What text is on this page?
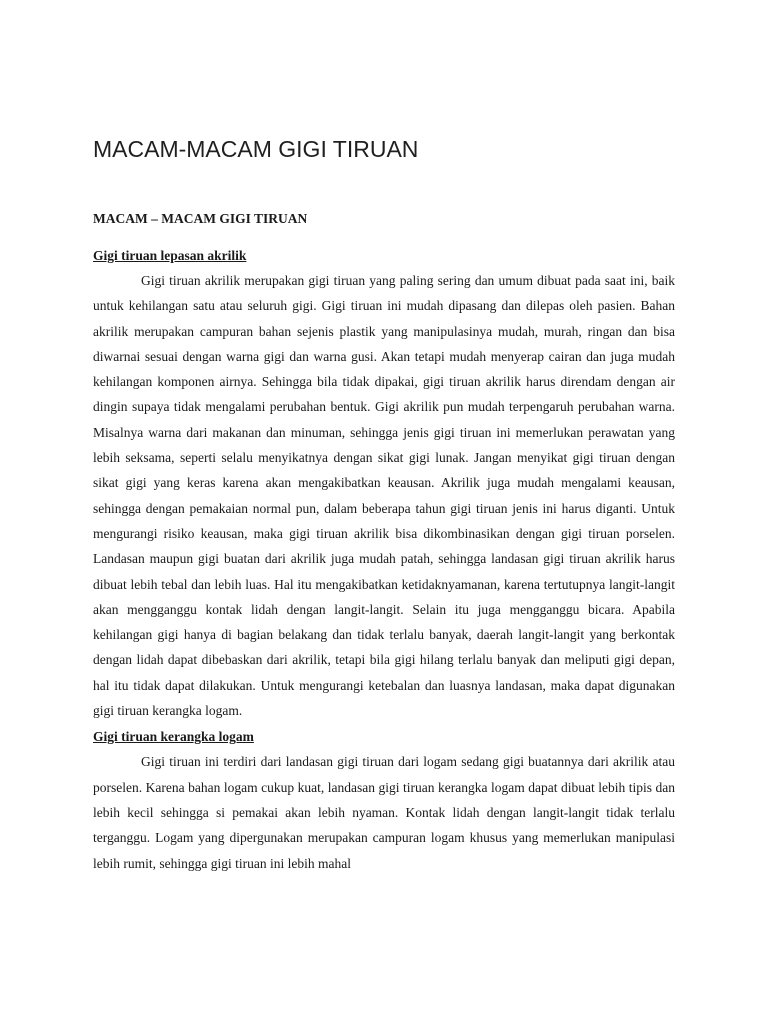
MACAM-MACAM GIGI TIRUAN
MACAM – MACAM GIGI TIRUAN
Gigi tiruan lepasan akrilik

Gigi tiruan akrilik merupakan gigi tiruan yang paling sering dan umum dibuat pada saat ini, baik untuk kehilangan satu atau seluruh gigi. Gigi tiruan ini mudah dipasang dan dilepas oleh pasien. Bahan akrilik merupakan campuran bahan sejenis plastik yang manipulasinya mudah, murah, ringan dan bisa diwarnai sesuai dengan warna gigi dan warna gusi. Akan tetapi mudah menyerap cairan dan juga mudah kehilangan komponen airnya. Sehingga bila tidak dipakai, gigi tiruan akrilik harus direndam dengan air dingin supaya tidak mengalami perubahan bentuk. Gigi akrilik pun mudah terpengaruh perubahan warna. Misalnya warna dari makanan dan minuman, sehingga jenis gigi tiruan ini memerlukan perawatan yang lebih seksama, seperti selalu menyikatnya dengan sikat gigi lunak. Jangan menyikat gigi tiruan dengan sikat gigi yang keras karena akan mengakibatkan keausan. Akrilik juga mudah mengalami keausan, sehingga dengan pemakaian normal pun, dalam beberapa tahun gigi tiruan jenis ini harus diganti. Untuk mengurangi risiko keausan, maka gigi tiruan akrilik bisa dikombinasikan dengan gigi tiruan porselen. Landasan maupun gigi buatan dari akrilik juga mudah patah, sehingga landasan gigi tiruan akrilik harus dibuat lebih tebal dan lebih luas. Hal itu mengakibatkan ketidaknyamanan, karena tertutupnya langit-langit akan mengganggu kontak lidah dengan langit-langit. Selain itu juga mengganggu bicara. Apabila kehilangan gigi hanya di bagian belakang dan tidak terlalu banyak, daerah langit-langit yang berkontak dengan lidah dapat dibebaskan dari akrilik, tetapi bila gigi hilang terlalu banyak dan meliputi gigi depan, hal itu tidak dapat dilakukan. Untuk mengurangi ketebalan dan luasnya landasan, maka dapat digunakan gigi tiruan kerangka logam.

Gigi tiruan kerangka logam

Gigi tiruan ini terdiri dari landasan gigi tiruan dari logam sedang gigi buatannya dari akrilik atau porselen. Karena bahan logam cukup kuat, landasan gigi tiruan kerangka logam dapat dibuat lebih tipis dan lebih kecil sehingga si pemakai akan lebih nyaman. Kontak lidah dengan langit-langit tidak terlalu terganggu. Logam yang dipergunakan merupakan campuran logam khusus yang memerlukan manipulasi lebih rumit, sehingga gigi tiruan ini lebih mahal
